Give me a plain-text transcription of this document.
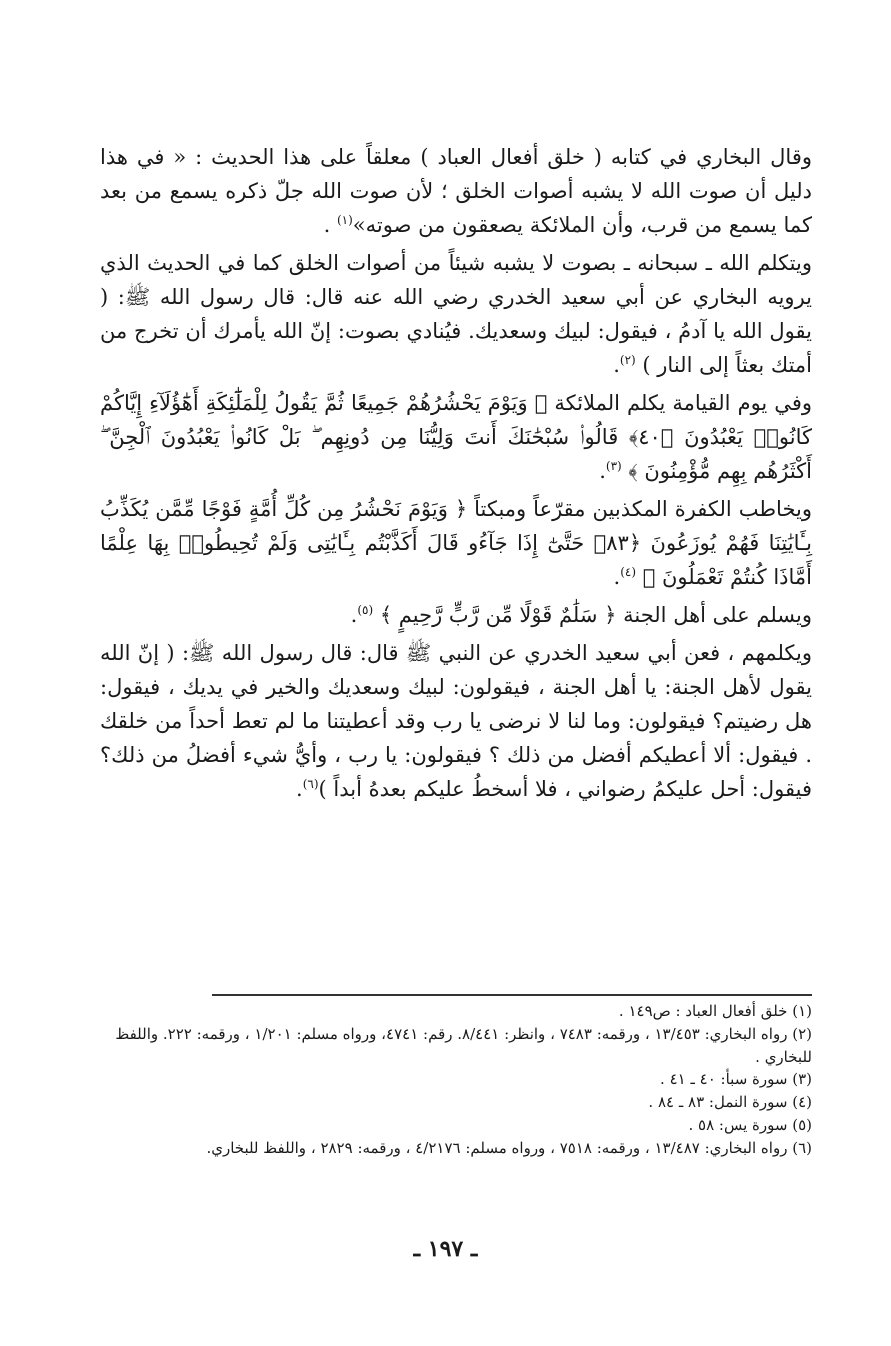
وقال البخاري في كتابه ( خلق أفعال العباد ) معلقاً على هذا الحديث : « في هذا دليل أن صوت الله لا يشبه أصوات الخلق ؛ لأن صوت الله جلّ ذكره يسمع من بعد كما يسمع من قرب، وأن الملائكة يصعقون من صوته»$^{(١)}$ .

ويتكلم الله ـ سبحانه ـ بصوت لا يشبه شيئاً من أصوات الخلق كما في الحديث الذي يرويه البخاري عن أبي سعيد الخدري رضي الله عنه قال: قال رسول الله ﷺ: ( يقول الله يا آدمُ ، فيقول: لبيك وسعديك. فيُنادي بصوت: إنّ الله يأمرك أن تخرج من أمتك بعثاً إلى النار ) $^{(٢)}$.

وفي يوم القيامة يكلم الملائكة ﴿ وَيَوْمَ يَحْشُرُهُمْ جَمِيعًا ثُمَّ يَقُولُ لِلْمَلَٰٓئِكَةِ أَهَٰٓؤُلَآءِ إِيَّاكُمْ كَانُوا۟ يَعْبُدُونَ ﴿٤٠﴾ قَالُوا۟ سُبْحَٰنَكَ أَنتَ وَلِيُّنَا مِن دُونِهِم ۖ بَلْ كَانُوا۟ يَعْبُدُونَ ٱلْجِنَّ ۖ أَكْثَرُهُم بِهِم مُّؤْمِنُونَ ﴾ $^{(٣)}$.

ويخاطب الكفرة المكذبين مقرّعاً ومبكتاً ﴿ وَيَوْمَ نَحْشُرُ مِن كُلِّ أُمَّةٍ فَوْجًا مِّمَّن يُكَذِّبُ بِـَٔايَٰتِنَا فَهُمْ يُوزَعُونَ ﴿٨٣﴾ حَتَّىٰٓ إِذَا جَآءُو قَالَ أَكَذَّبْتُم بِـَٔايَٰتِى وَلَمْ تُحِيطُوا۟ بِهَا عِلْمًا أَمَّاذَا كُنتُمْ تَعْمَلُونَ ﴾ $^{(٤)}$.

ويسلم على أهل الجنة ﴿ سَلَٰمٌ قَوْلًا مِّن رَّبٍّ رَّحِيمٍ ﴾ $^{(٥)}$.

ويكلمهم ، فعن أبي سعيد الخدري عن النبي ﷺ قال: قال رسول الله ﷺ: ( إنّ الله يقول لأهل الجنة: يا أهل الجنة ، فيقولون: لبيك وسعديك والخير في يديك ، فيقول: هل رضيتم؟ فيقولون: وما لنا لا نرضى يا رب وقد أعطيتنا ما لم تعط أحداً من خلقك . فيقول: ألا أعطيكم أفضل من ذلك ؟ فيقولون: يا رب ، وأيُّ شيء أفضلُ من ذلك؟ فيقول: أحل عليكمُ رضواني ، فلا أسخطُ عليكم بعدهُ أبداً )$^{(٦)}$.

(١) خلق أفعال العباد : ص١٤٩ .

(٢) رواه البخاري: ١٣/٤٥٣ ، ورقمه: ٧٤٨٣ ، وانظر: ٨/٤٤١. رقم: ٤٧٤١، ورواه مسلم: ١/٢٠١ ، ورقمه: ٢٢٢. واللفظ للبخاري .

(٣) سورة سبأ: ٤٠ ـ ٤١ .

(٤) سورة النمل: ٨٣ ـ ٨٤ .

(٥) سورة يس: ٥٨ .

(٦) رواه البخاري: ١٣/٤٨٧ ، ورقمه: ٧٥١٨ ، ورواه مسلم: ٤/٢١٧٦ ، ورقمه: ٢٨٢٩ ، واللفظ للبخاري.

ـ ١٩٧ ـ
